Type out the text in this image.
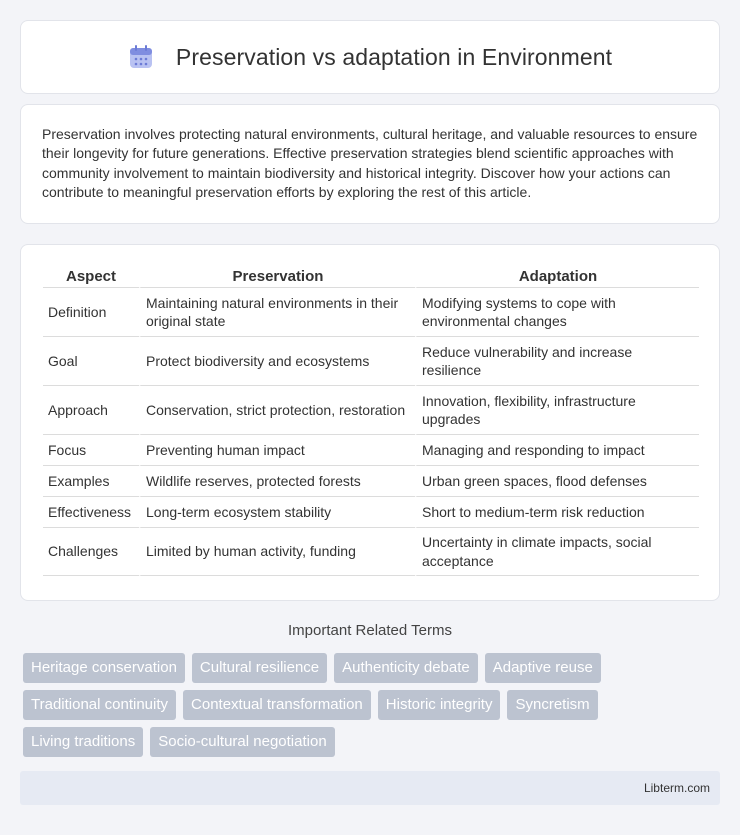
Preservation vs adaptation in Environment

Preservation involves protecting natural environments, cultural heritage, and valuable resources to ensure their longevity for future generations. Effective preservation strategies blend scientific approaches with community involvement to maintain biodiversity and historical integrity. Discover how your actions can contribute to meaningful preservation efforts by exploring the rest of this article.

Aspect	Preservation	Adaptation
Definition	Maintaining natural environments in their original state	Modifying systems to cope with environmental changes
Goal	Protect biodiversity and ecosystems	Reduce vulnerability and increase resilience
Approach	Conservation, strict protection, restoration	Innovation, flexibility, infrastructure upgrades
Focus	Preventing human impact	Managing and responding to impact
Examples	Wildlife reserves, protected forests	Urban green spaces, flood defenses
Effectiveness	Long-term ecosystem stability	Short to medium-term risk reduction
Challenges	Limited by human activity, funding	Uncertainty in climate impacts, social acceptance
Important Related Terms
Heritage conservation	Cultural resilience	Authenticity debate	Adaptive reuse
Traditional continuity	Contextual transformation	Historic integrity	Syncretism
Living traditions	Socio-cultural negotiation
Libterm.com
